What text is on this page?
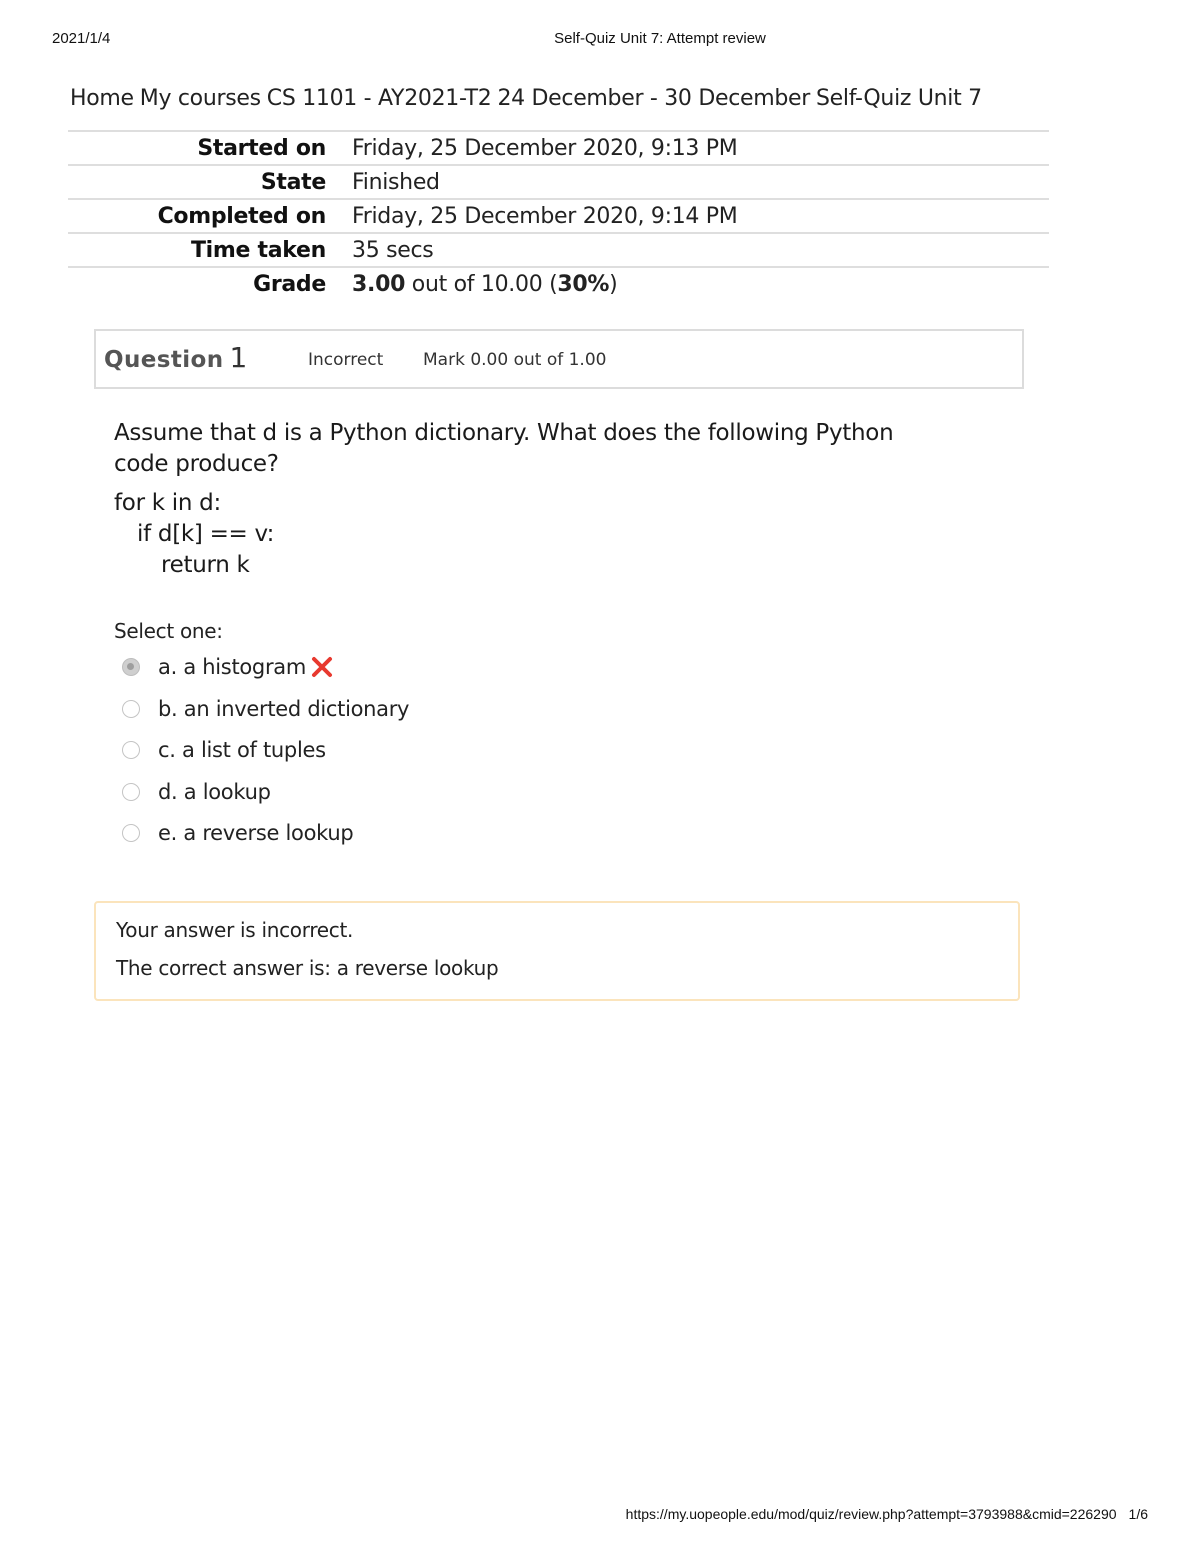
2021/1/4	Self-Quiz Unit 7: Attempt review
Home My courses CS 1101 - AY2021-T2 24 December - 30 December Self-Quiz Unit 7
Started on	Friday, 25 December 2020, 9:13 PM
State	Finished
Completed on	Friday, 25 December 2020, 9:14 PM
Time taken	35 secs
Grade	3.00 out of 10.00 (30%)
Question 1	Incorrect Mark 0.00 out of 1.00
Assume that d is a Python dictionary. What does the following Python code produce?
for k in d:
if d[k] == v:
return k
Select one:
a. a histogram
b. an inverted dictionary
c. a list of tuples
d. a lookup
e. a reverse lookup

Your answer is incorrect.

The correct answer is: a reverse lookup

https://my.uopeople.edu/mod/quiz/review.php?attempt=3793988&cmid=226290 1/6
